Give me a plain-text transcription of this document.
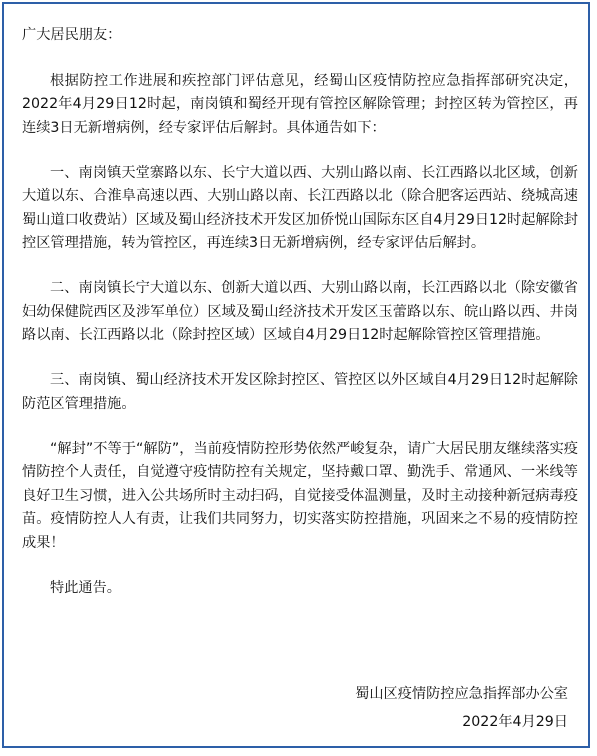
广大居民朋友：

根据防控工作进展和疾控部门评估意见，经蜀山区疫情防控应急指挥部研究决定，2022年4月29日12时起，南岗镇和蜀经开现有管控区解除管理；封控区转为管控区，再连续3日无新增病例，经专家评估后解封。具体通告如下：

一、南岗镇天堂寨路以东、长宁大道以西、大别山路以南、长江西路以北区域，创新大道以东、合淮阜高速以西、大别山路以南、长江西路以北（除合肥客运西站、绕城高速蜀山道口收费站）区域及蜀山经济技术开发区加侨悦山国际东区自4月29日12时起解除封控区管理措施，转为管控区，再连续3日无新增病例，经专家评估后解封。

二、南岗镇长宁大道以东、创新大道以西、大别山路以南，长江西路以北（除安徽省妇幼保健院西区及涉军单位）区域及蜀山经济技术开发区玉蕾路以东、皖山路以西、井岗路以南、长江西路以北（除封控区域）区域自4月29日12时起解除管控区管理措施。

三、南岗镇、蜀山经济技术开发区除封控区、管控区以外区域自4月29日12时起解除防范区管理措施。

“解封”不等于“解防”，当前疫情防控形势依然严峻复杂，请广大居民朋友继续落实疫情防控个人责任，自觉遵守疫情防控有关规定，坚持戴口罩、勤洗手、常通风、一米线等良好卫生习惯，进入公共场所时主动扫码，自觉接受体温测量，及时主动接种新冠病毒疫苗。疫情防控人人有责，让我们共同努力，切实落实防控措施，巩固来之不易的疫情防控成果！

特此通告。

蜀山区疫情防控应急指挥部办公室
2022年4月29日
